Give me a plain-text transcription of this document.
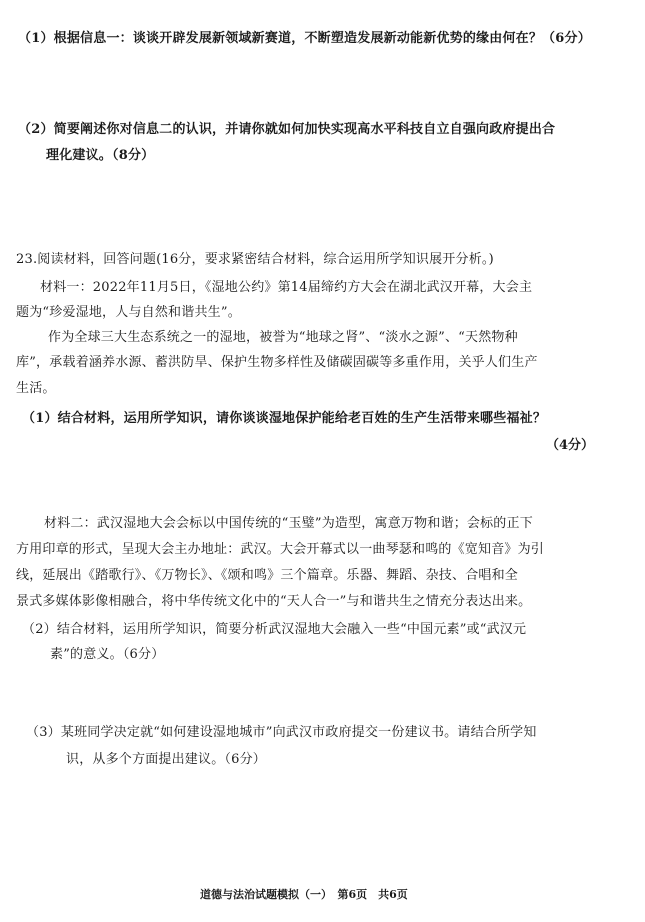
（1）根据信息一：谈谈开辟发展新领域新赛道，不断塑造发展新动能新优势的缘由何在？（6分）
（2）简要阐述你对信息二的认识，并请你就如何加快实现高水平科技自立自强向政府提出合
理化建议。（8分）
23.阅读材料，回答问题(16分，要求紧密结合材料，综合运用所学知识展开分析。)
材料一：2022年11月5日，《湿地公约》第14届缔约方大会在湖北武汉开幕，大会主
题为“珍爱湿地，人与自然和谐共生”。
作为全球三大生态系统之一的湿地，被誉为“地球之肾”、“淡水之源”、“天然物种
库”，承载着涵养水源、蓄洪防旱、保护生物多样性及储碳固碳等多重作用，关乎人们生产
生活。
（1）结合材料，运用所学知识，请你谈谈湿地保护能给老百姓的生产生活带来哪些福祉？
（4分）
材料二：武汉湿地大会会标以中国传统的“玉璧”为造型，寓意万物和谐；会标的正下
方用印章的形式，呈现大会主办地址：武汉。大会开幕式以一曲琴瑟和鸣的《宽知音》为引
线，延展出《踏歌行》、《万物长》、《颂和鸣》三个篇章。乐器、舞蹈、杂技、合唱和全
景式多媒体影像相融合，将中华传统文化中的“天人合一”与和谐共生之情充分表达出来。
（2）结合材料，运用所学知识，简要分析武汉湿地大会融入一些“中国元素”或“武汉元
素”的意义。（6分）
（3）某班同学决定就“如何建设湿地城市”向武汉市政府提交一份建议书。请结合所学知
识，从多个方面提出建议。（6分）
道德与法治试题模拟（一）　第6页　共6页
